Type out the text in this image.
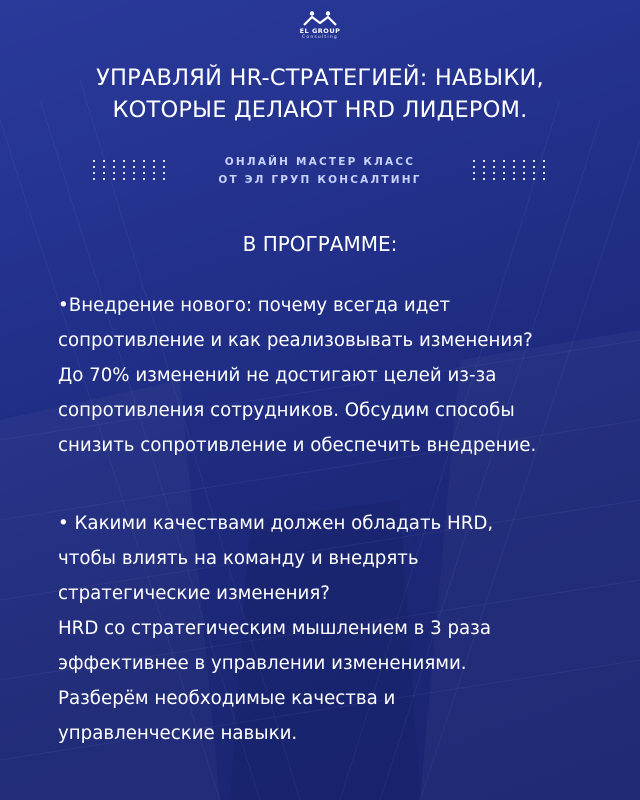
EL GROUP
Consulting
УПРАВЛЯЙ HR-СТРАТЕГИЕЙ: НАВЫКИ,
КОТОРЫЕ ДЕЛАЮТ HRD ЛИДЕРОМ.
ОНЛАЙН МАСТЕР КЛАСС
ОТ ЭЛ ГРУП КОНСАЛТИНГ
В ПРОГРАММЕ:
•Внедрение нового: почему всегда идет
сопротивление и как реализовывать изменения?
До 70% изменений не достигают целей из-за
сопротивления сотрудников. Обсудим способы
снизить сопротивление и обеспечить внедрение.
• Какими качествами должен обладать HRD,
чтобы влиять на команду и внедрять
стратегические изменения?
HRD со стратегическим мышлением в 3 раза
эффективнее в управлении изменениями.
Разберём необходимые качества и
управленческие навыки.
